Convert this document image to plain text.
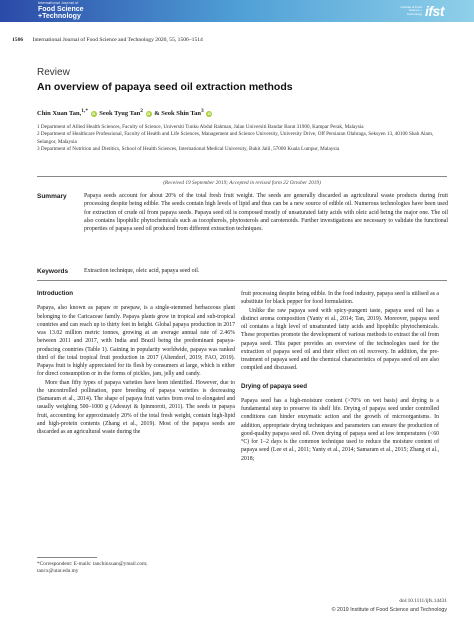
International Journal of
Food Science
+Technology
Institute of Food Science + Technology ifst
1506 International Journal of Food Science and Technology 2020, 55, 1506–1514
Review
An overview of papaya seed oil extraction methods
Chin Xuan Tan,$^{1,*}$ iD Seok Tyug Tan$^2$ iD & Seok Shin Tan$^3$ iD

1 Department of Allied Health Sciences, Faculty of Science, Universiti Tunku Abdul Rahman, Jalan Universiti Bandar Barat 31900, Kampar Perak, Malaysia

2 Department of Healthcare Professional, Faculty of Health and Life Sciences, Management and Science University, University Drive, Off Persiaran Olahraga, Seksyen 13, 40100 Shah Alam, Selangor, Malaysia

3 Department of Nutrition and Dietitics, School of Health Sciences, International Medical University, Bukit Jalil, 57000 Kuala Lumpur, Malaysia

(Received 19 September 2019; Accepted in revised form 22 October 2019)
Summary	Papaya seeds account for about 20% of the total fresh fruit weight. The seeds are generally discarded as agricultural waste products during fruit processing despite being edible. The seeds contain high levels of lipid and thus can be a new source of edible oil. Numerous technologies have been used for extraction of crude oil from papaya seeds. Papaya seed oil is composed mostly of unsaturated fatty acids with oleic acid being the major one. The oil also contains lipophilic phytochemicals such as tocopherols, phytosterols and carotenoids. Further investigations are necessary to validate the functional properties of papaya seed oil produced from different extraction techniques.
Keywords	Extraction technique, oleic acid, papaya seed oil.
Introduction

Papaya, also known as papaw or pawpaw, is a single-stemmed herbaceous plant belonging to the Caricaceae family. Papaya plants grow in tropical and sub-tropical countries and can reach up to thirty feet in height. Global papaya production in 2017 was 13.02 million metric tonnes, growing at an average annual rate of 2.46% between 2011 and 2017, with India and Brazil being the predominant papaya-producing countries (Table 1). Gaining in popularity worldwide, papaya was ranked third of the total tropical fruit production in 2017 (Altendorf, 2019; FAO, 2019). Papaya fruit is highly appreciated for its flesh by consumers at large, which is either for direct consumption or in the forms of pickles, jam, jelly and candy.

More than fifty types of papaya varieties have been identified. However, due to the uncontrolled pollination, pure breeding of papaya varieties is decreasing (Samaram et al., 2014). The shape of papaya fruit varies from oval to elongated and usually weighing 500–1000 g (Adesuyi & Ipinmoroti, 2011). The seeds in papaya fruit, accounting for approximately 20% of the total fresh weight, contain high-lipid and high-protein contents (Zhang et al., 2019). Most of the papaya seeds are discarded as an agricultural waste during the

fruit processing despite being edible. In the food industry, papaya seed is utilised as a substitute for black pepper for food formulation.

Unlike the raw papaya seed with spicy-pungent taste, papaya seed oil has a distinct aroma composition (Yanty et al., 2014; Tan, 2019). Moreover, papaya seed oil contains a high level of unsaturated fatty acids and lipophilic phytochemicals. These properties promote the development of various methods to extract the oil from papaya seed. This paper provides an overview of the technologies used for the extraction of papaya seed oil and their effect on oil recovery. In addition, the pre-treatment of papaya seed and the chemical characteristics of papaya seed oil are also compiled and discussed.

Drying of papaya seed

Papaya seed has a high-moisture content (>70% on wet basis) and drying is a fundamental step to preserve its shelf life. Drying of papaya seed under controlled conditions can hinder enzymatic action and the growth of microorganisms. In addition, appropriate drying techniques and parameters can ensure the production of good-quality papaya seed oil. Oven drying of papaya seed at low temperatures (<60 °C) for 1–2 days is the common technique used to reduce the moisture content of papaya seed (Lee et al., 2011; Yanty et al., 2014; Samaram et al., 2015; Zhang et al., 2018;

*Correspondent: E-mails: tanchinxuan@ymail.com;
tancx@utar.edu.my
doi:10.1111/ijfs.14431
© 2019 Institute of Food Science and Technology
